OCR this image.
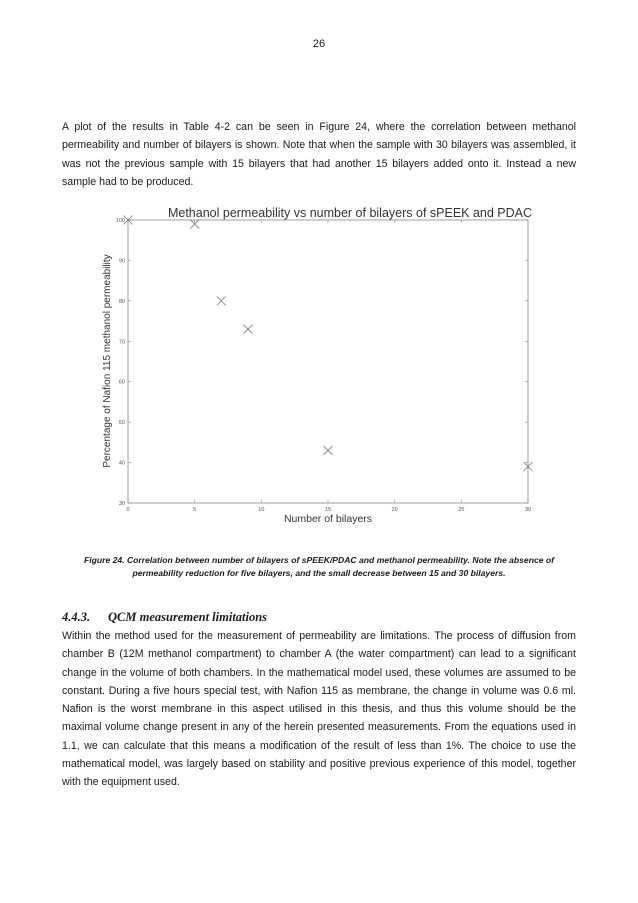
26

A plot of the results in Table 4-2 can be seen in Figure 24, where the correlation between methanol permeability and number of bilayers is shown. Note that when the sample with 30 bilayers was assembled, it was not the previous sample with 15 bilayers that had another 15 bilayers added onto it. Instead a new sample had to be produced.

Methanol permeability vs number of bilayers of sPEEK and PDAC
0	5	10	15	20	25	30
30
40
50
60
70
80
90
100
Number of bilayers
Percentage of Nafion 115 methanol permeability
Figure 24. Correlation between number of bilayers of sPEEK/PDAC and methanol permeability. Note the absence of permeability reduction for five bilayers, and the small decrease between 15 and 30 bilayers.
4.4.3. QCM measurement limitations

Within the method used for the measurement of permeability are limitations. The process of diffusion from chamber B (12M methanol compartment) to chamber A (the water compartment) can lead to a significant change in the volume of both chambers. In the mathematical model used, these volumes are assumed to be constant. During a five hours special test, with Nafion 115 as membrane, the change in volume was 0.6 ml. Nafion is the worst membrane in this aspect utilised in this thesis, and thus this volume should be the maximal volume change present in any of the herein presented measurements. From the equations used in 1.1, we can calculate that this means a modification of the result of less than 1%. The choice to use the mathematical model, was largely based on stability and positive previous experience of this model, together with the equipment used.
